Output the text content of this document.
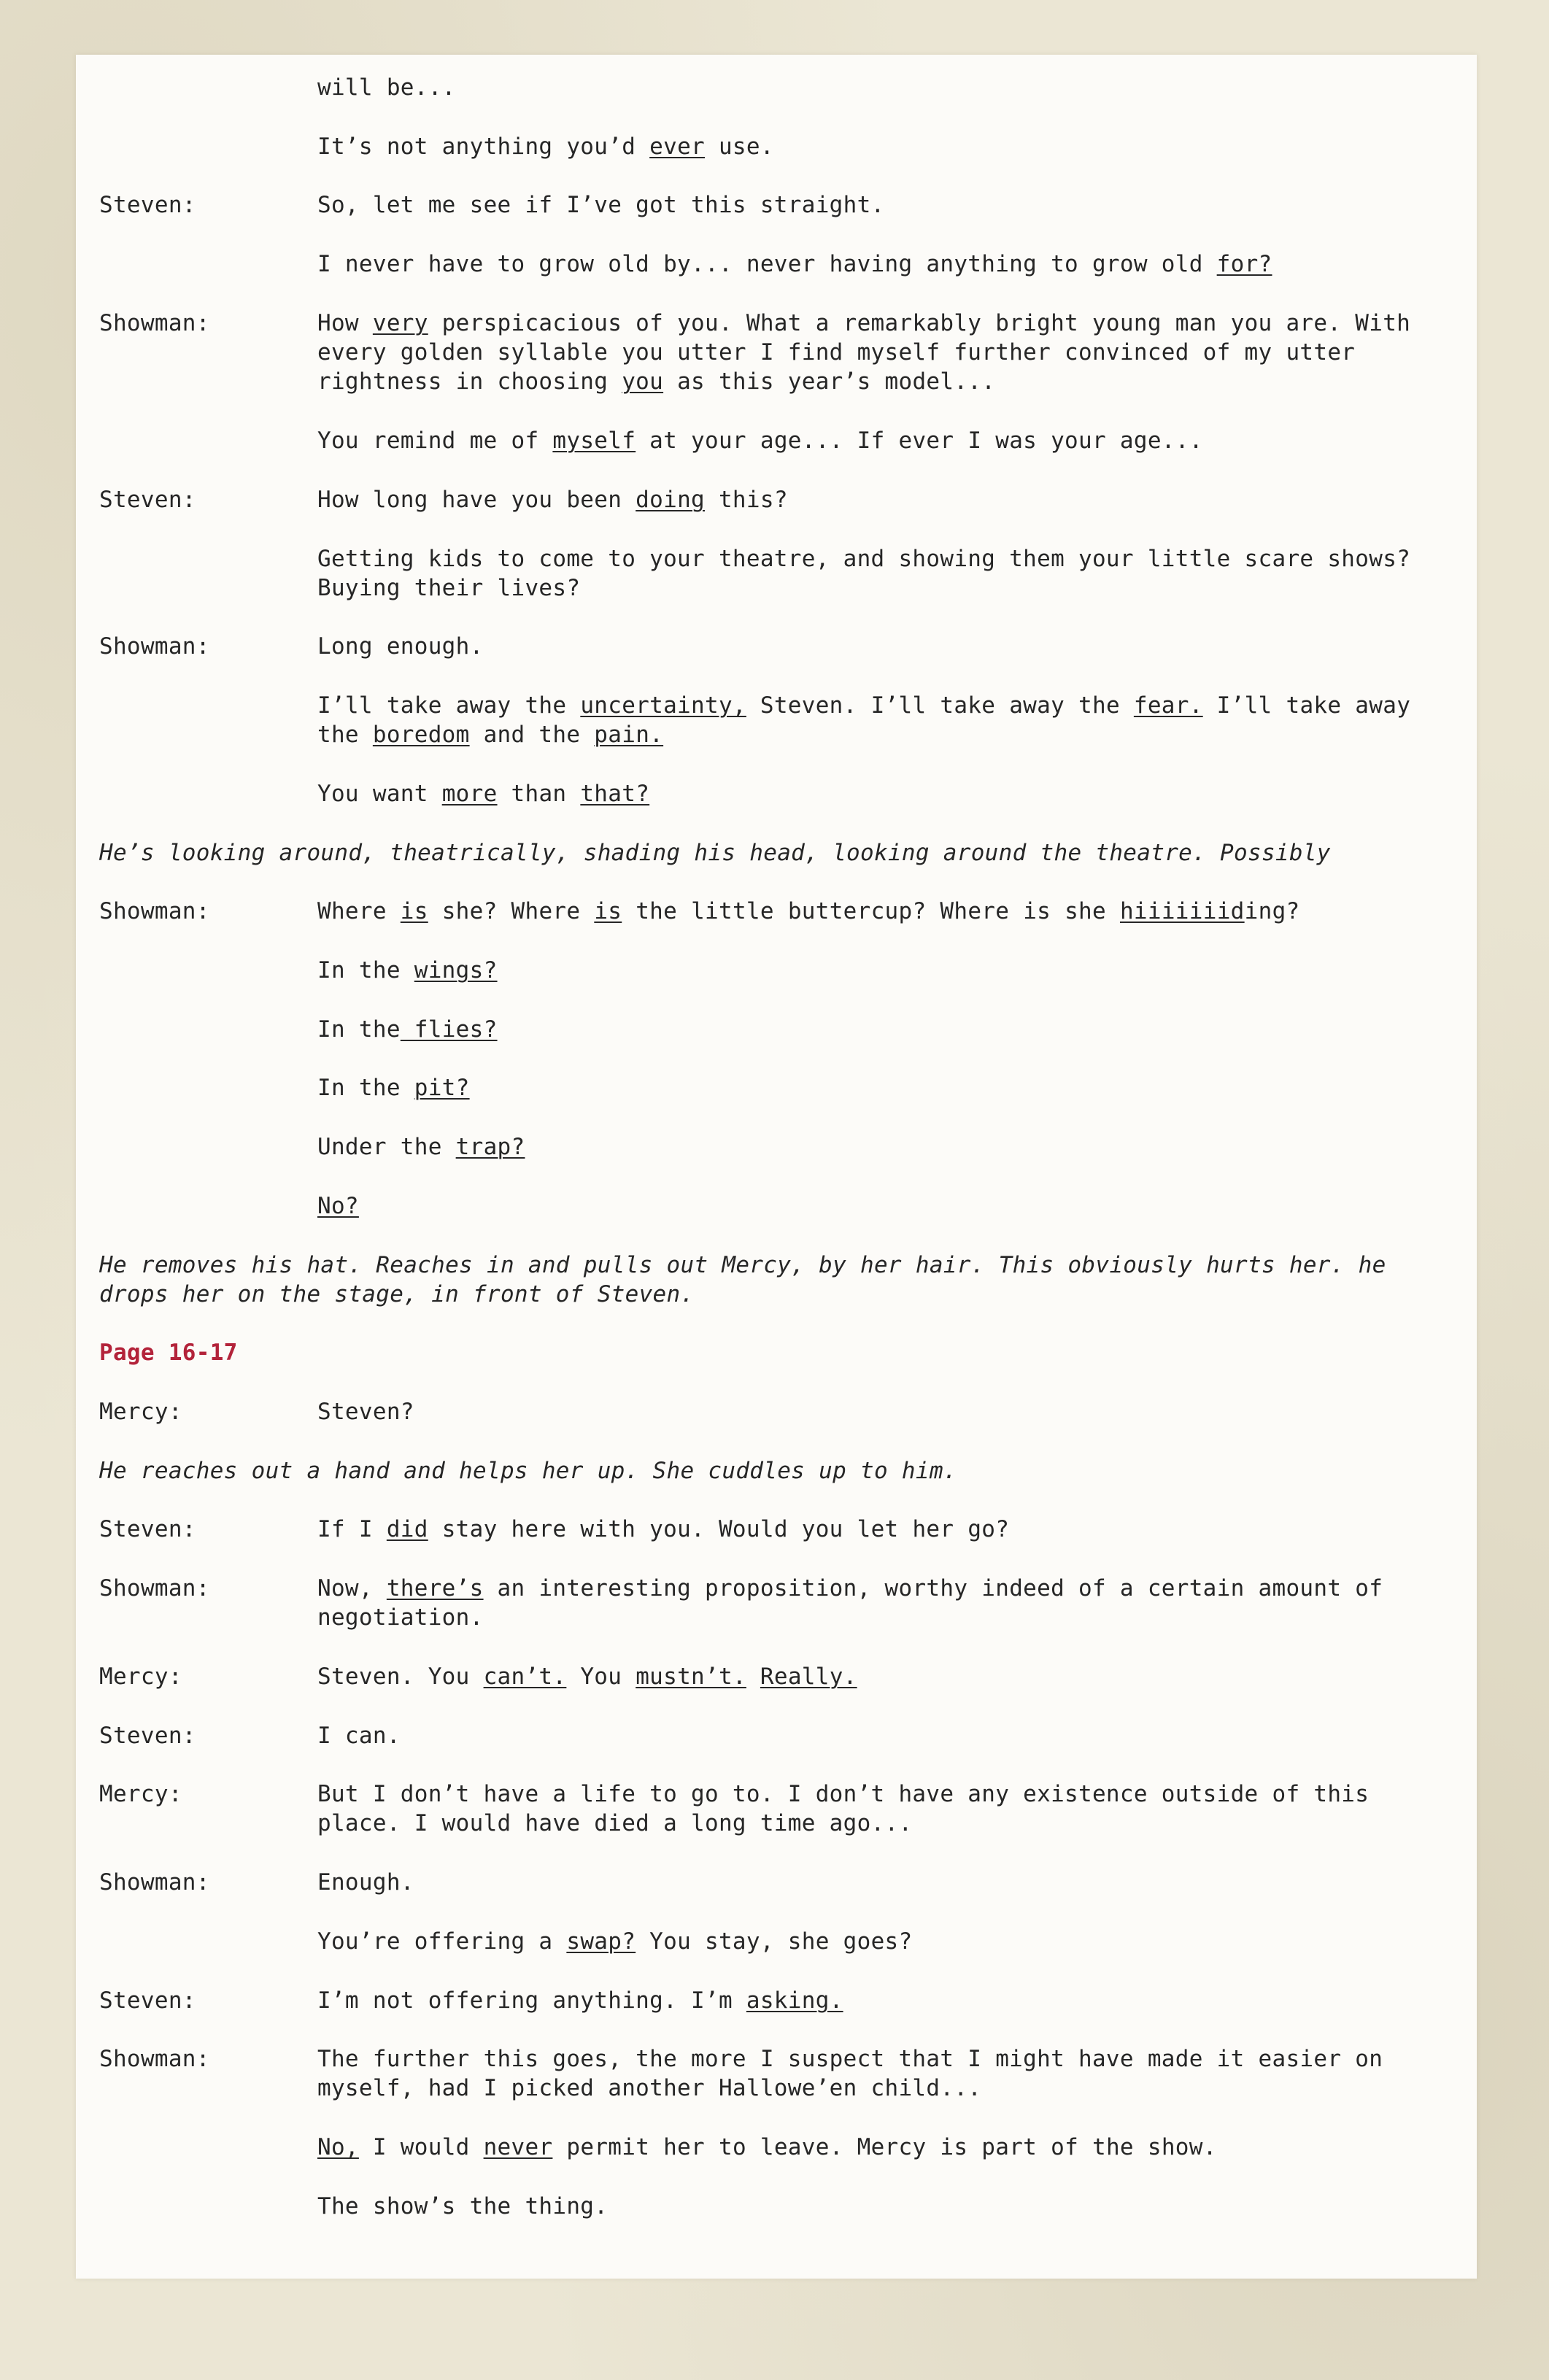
will be...
It’s not anything you’d ever use.
Steven:	So, let me see if I’ve got this straight.
I never have to grow old by... never having anything to grow old for?
Showman:	How very perspicacious of you. What a remarkably bright young man you are. With every golden syllable you utter I find myself further convinced of my utter rightness in choosing you as this year’s model...
You remind me of myself at your age... If ever I was your age...
Steven:	How long have you been doing this?
Getting kids to come to your theatre, and showing them your little scare shows? Buying their lives?
Showman:	Long enough.
I’ll take away the uncertainty, Steven. I’ll take away the fear. I’ll take away the boredom and the pain.
You want more than that?
He’s looking around, theatrically, shading his head, looking around the theatre. Possibly
Showman:	Where is she? Where is the little buttercup? Where is she hiiiiiiiding?
In the wings?
In the flies?
In the pit?
Under the trap?
No?
He removes his hat. Reaches in and pulls out Mercy, by her hair. This obviously hurts her. he drops her on the stage, in front of Steven.
Page 16-17
Mercy:	Steven?
He reaches out a hand and helps her up. She cuddles up to him.
Steven:	If I did stay here with you. Would you let her go?
Showman:	Now, there’s an interesting proposition, worthy indeed of a certain amount of negotiation.
Mercy:	Steven. You can’t. You mustn’t. Really.
Steven:	I can.
Mercy:	But I don’t have a life to go to. I don’t have any existence outside of this place. I would have died a long time ago...
Showman:	Enough.
You’re offering a swap? You stay, she goes?
Steven:	I’m not offering anything. I’m asking.
Showman:	The further this goes, the more I suspect that I might have made it easier on myself, had I picked another Hallowe’en child...
No, I would never permit her to leave. Mercy is part of the show.
The show’s the thing.
